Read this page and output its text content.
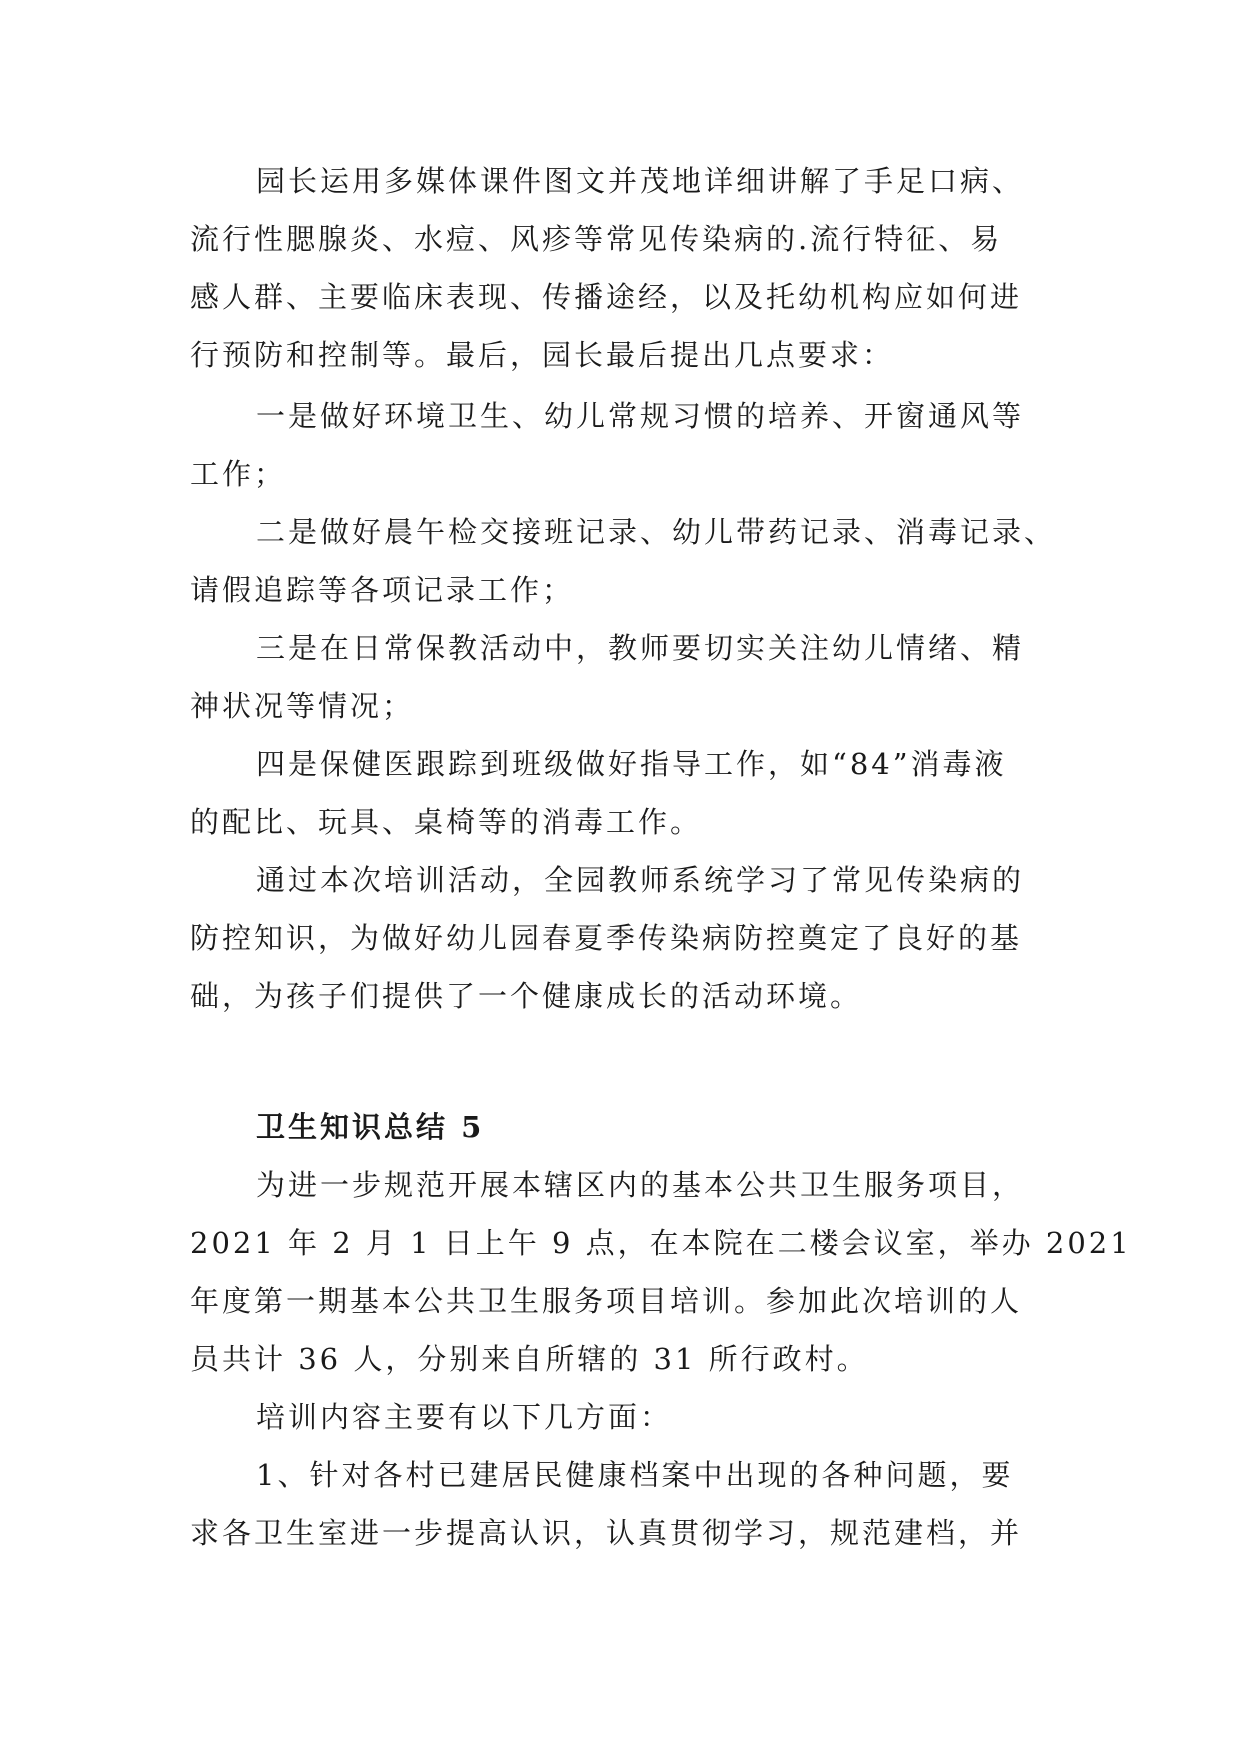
园长运用多媒体课件图文并茂地详细讲解了手足口病、
流行性腮腺炎、水痘、风疹等常见传染病的.流行特征、易
感人群、主要临床表现、传播途经，以及托幼机构应如何进
行预防和控制等。最后，园长最后提出几点要求：
一是做好环境卫生、幼儿常规习惯的培养、开窗通风等
工作；
二是做好晨午检交接班记录、幼儿带药记录、消毒记录、
请假追踪等各项记录工作；
三是在日常保教活动中，教师要切实关注幼儿情绪、精
神状况等情况；
四是保健医跟踪到班级做好指导工作，如“84”消毒液
的配比、玩具、桌椅等的消毒工作。
通过本次培训活动，全园教师系统学习了常见传染病的
防控知识，为做好幼儿园春夏季传染病防控奠定了良好的基
础，为孩子们提供了一个健康成长的活动环境。
卫生知识总结 5
为进一步规范开展本辖区内的基本公共卫生服务项目，
2021 年 2 月 1 日上午 9 点，在本院在二楼会议室，举办 2021
年度第一期基本公共卫生服务项目培训。参加此次培训的人
员共计 36 人，分别来自所辖的 31 所行政村。
培训内容主要有以下几方面：
1、针对各村已建居民健康档案中出现的各种问题，要
求各卫生室进一步提高认识，认真贯彻学习，规范建档，并
